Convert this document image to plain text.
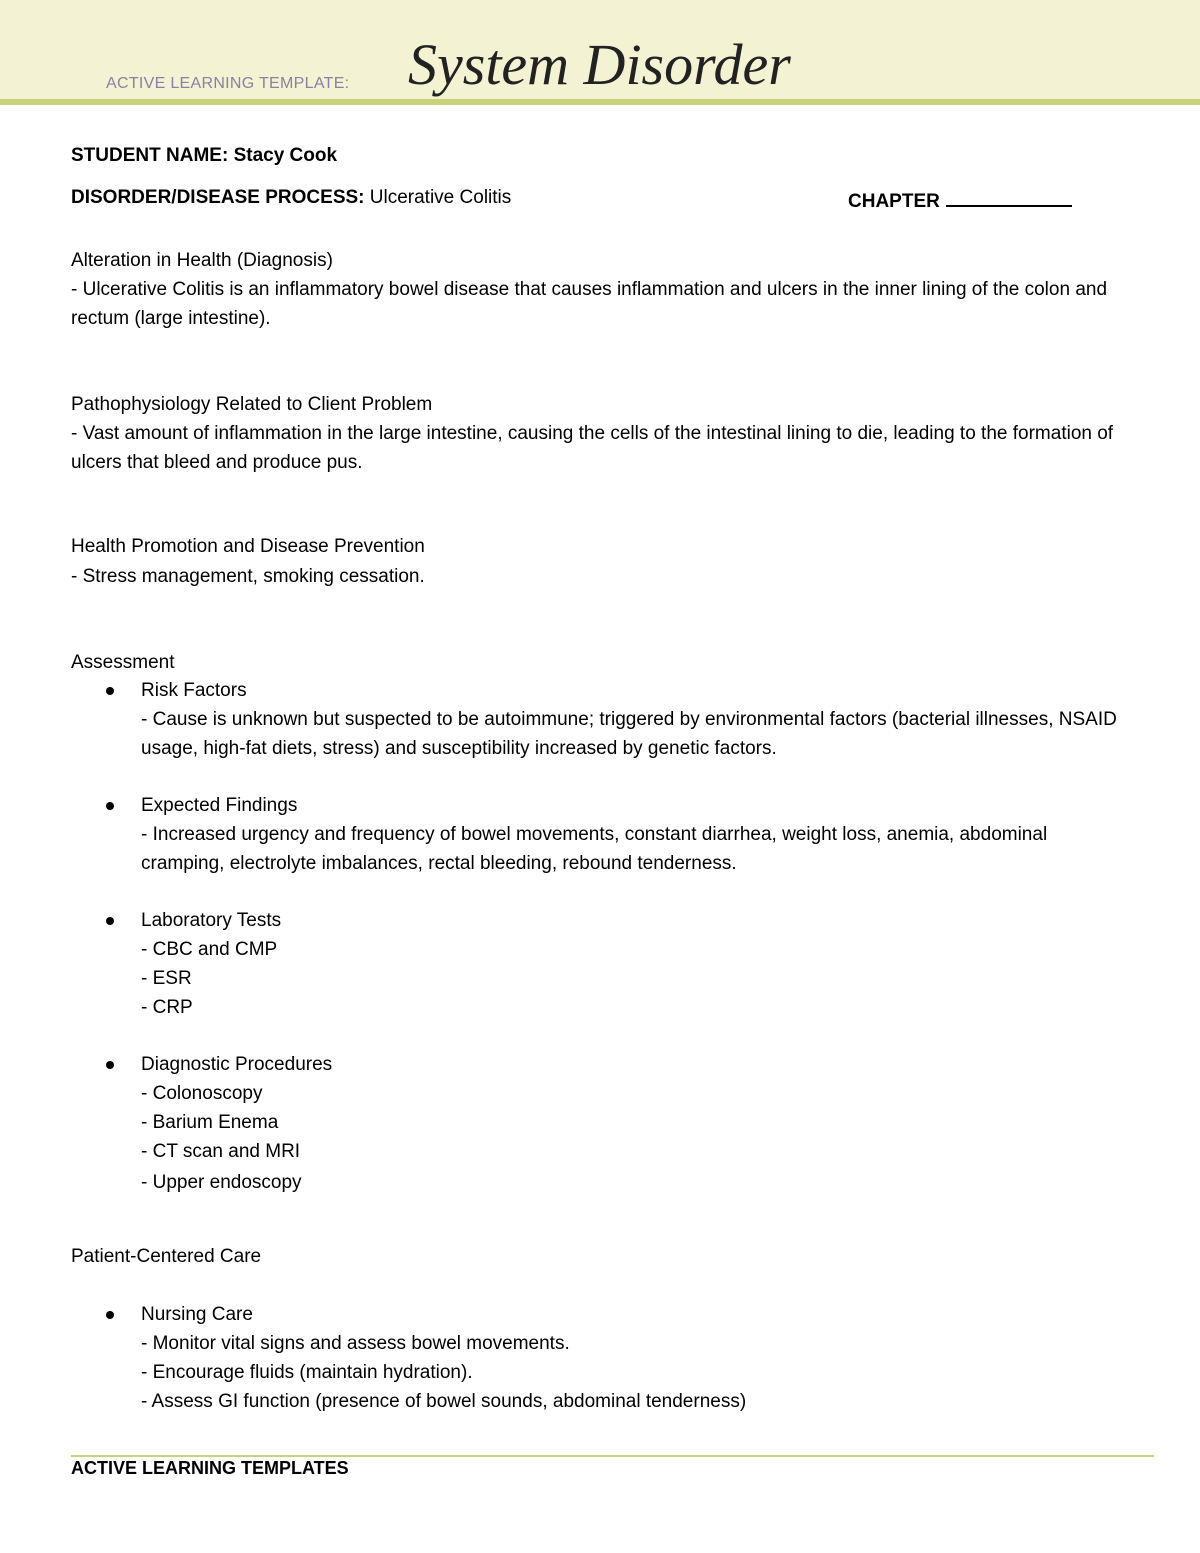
ACTIVE LEARNING TEMPLATE: System Disorder
STUDENT NAME: Stacy Cook
DISORDER/DISEASE PROCESS: Ulcerative Colitis	CHAPTER
Alteration in Health (Diagnosis)
- Ulcerative Colitis is an inflammatory bowel disease that causes inflammation and ulcers in the inner lining of the colon and rectum (large intestine).
Pathophysiology Related to Client Problem
- Vast amount of inflammation in the large intestine, causing the cells of the intestinal lining to die, leading to the formation of ulcers that bleed and produce pus.
Health Promotion and Disease Prevention
- Stress management, smoking cessation.
Assessment
Risk Factors
- Cause is unknown but suspected to be autoimmune; triggered by environmental factors (bacterial illnesses, NSAID usage, high-fat diets, stress) and susceptibility increased by genetic factors.
Expected Findings
- Increased urgency and frequency of bowel movements, constant diarrhea, weight loss, anemia, abdominal cramping, electrolyte imbalances, rectal bleeding, rebound tenderness.
Laboratory Tests
- CBC and CMP
- ESR
- CRP
Diagnostic Procedures
- Colonoscopy
- Barium Enema
- CT scan and MRI
- Upper endoscopy
Patient-Centered Care
Nursing Care
- Monitor vital signs and assess bowel movements.
- Encourage fluids (maintain hydration).
- Assess GI function (presence of bowel sounds, abdominal tenderness)
ACTIVE LEARNING TEMPLATES
